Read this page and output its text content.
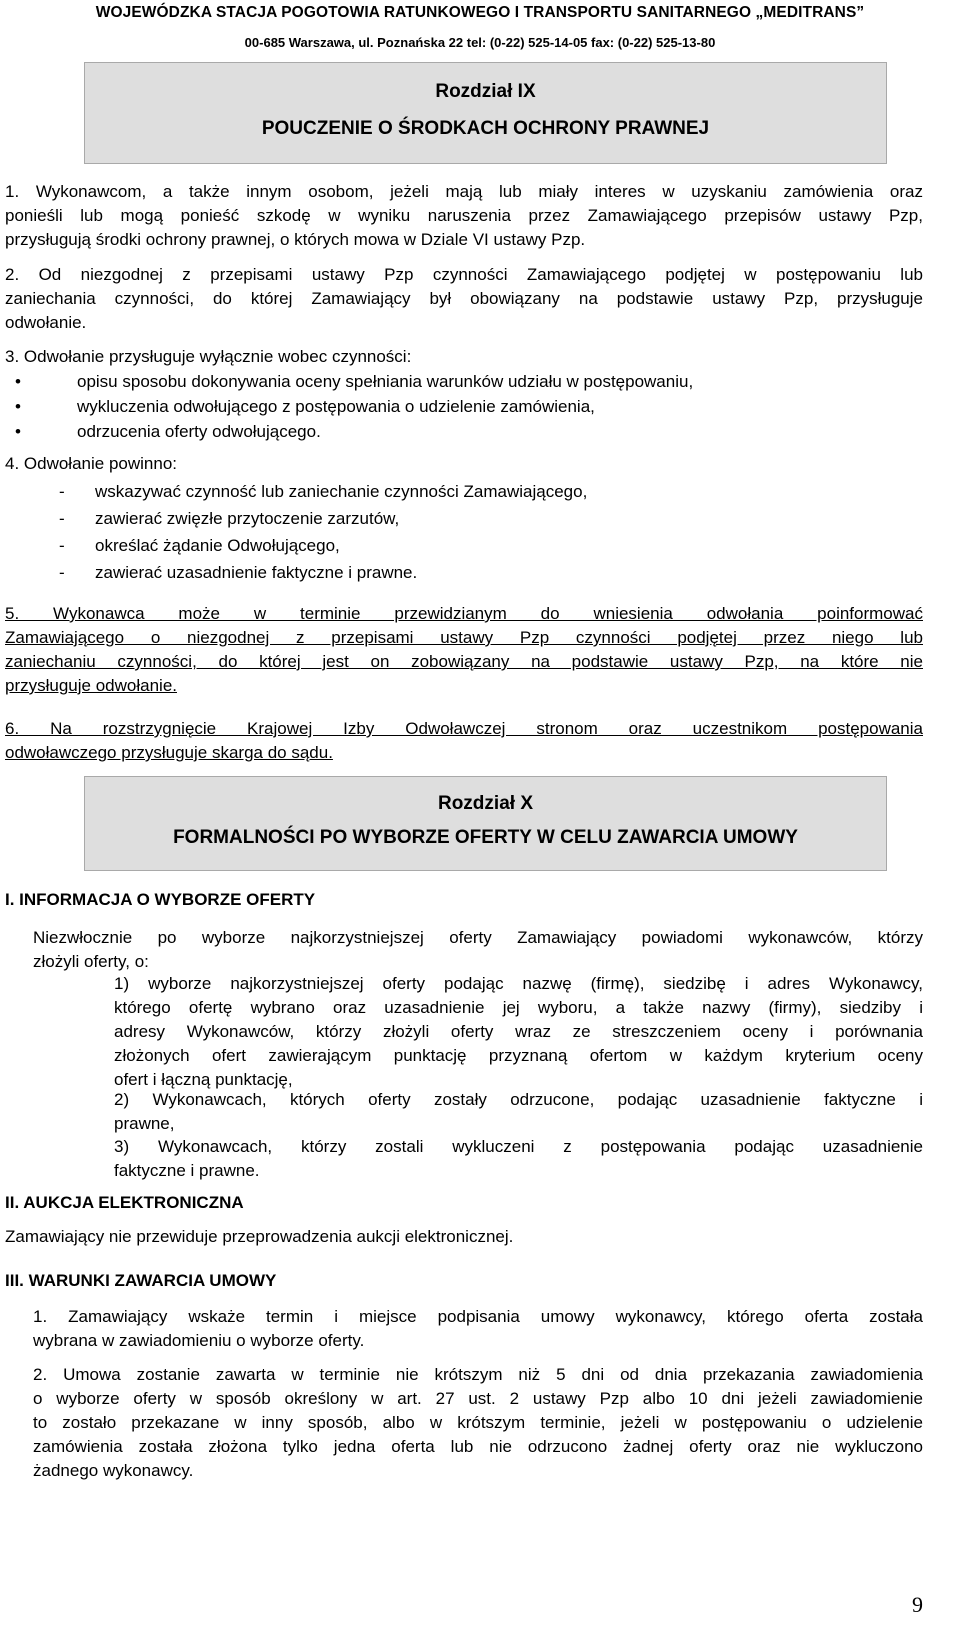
WOJEWÓDZKA STACJA POGOTOWIA RATUNKOWEGO I TRANSPORTU SANITARNEGO „MEDITRANS”
00-685 Warszawa, ul. Poznańska 22 tel: (0-22) 525-14-05 fax: (0-22) 525-13-80
Rozdział IX
POUCZENIE O ŚRODKACH OCHRONY PRAWNEJ
1. Wykonawcom, a także innym osobom, jeżeli mają lub miały interes w uzyskaniu zamówienia oraz
ponieśli lub mogą ponieść szkodę w wyniku naruszenia przez Zamawiającego przepisów ustawy Pzp,
przysługują środki ochrony prawnej, o których mowa w Dziale VI ustawy Pzp.
2. Od niezgodnej z przepisami ustawy Pzp czynności Zamawiającego podjętej w postępowaniu lub
zaniechania czynności, do której Zamawiający był obowiązany na podstawie ustawy Pzp, przysługuje
odwołanie.
3. Odwołanie przysługuje wyłącznie wobec czynności:
•	opisu sposobu dokonywania oceny spełniania warunków udziału w postępowaniu,
•	wykluczenia odwołującego z postępowania o udzielenie zamówienia,
•	odrzucenia oferty odwołującego.
4. Odwołanie powinno:
- wskazywać czynność lub zaniechanie czynności Zamawiającego,
- zawierać zwięzłe przytoczenie zarzutów,
- określać żądanie Odwołującego,
- zawierać uzasadnienie faktyczne i prawne.
5. Wykonawca może w terminie przewidzianym do wniesienia odwołania poinformować
Zamawiającego o niezgodnej z przepisami ustawy Pzp czynności podjętej przez niego lub
zaniechaniu czynności, do której jest on zobowiązany na podstawie ustawy Pzp, na które nie
przysługuje odwołanie.
6. Na rozstrzygnięcie Krajowej Izby Odwoławczej stronom oraz uczestnikom postępowania
odwoławczego przysługuje skarga do sądu.
Rozdział X
FORMALNOŚCI PO WYBORZE OFERTY W CELU ZAWARCIA UMOWY
I. INFORMACJA O WYBORZE OFERTY
Niezwłocznie po wyborze najkorzystniejszej oferty Zamawiający powiadomi wykonawców, którzy
złożyli oferty, o:
1) wyborze najkorzystniejszej oferty podając nazwę (firmę), siedzibę i adres Wykonawcy,
którego ofertę wybrano oraz uzasadnienie jej wyboru, a także nazwy (firmy), siedziby i
adresy Wykonawców, którzy złożyli oferty wraz ze streszczeniem oceny i porównania
złożonych ofert zawierającym punktację przyznaną ofertom w każdym kryterium oceny
ofert i łączną punktację,
2) Wykonawcach, których oferty zostały odrzucone, podając uzasadnienie faktyczne i
prawne,
3) Wykonawcach, którzy zostali wykluczeni z postępowania podając uzasadnienie
faktyczne i prawne.
II. AUKCJA ELEKTRONICZNA
Zamawiający nie przewiduje przeprowadzenia aukcji elektronicznej.
III. WARUNKI ZAWARCIA UMOWY
1. Zamawiający wskaże termin i miejsce podpisania umowy wykonawcy, którego oferta została
wybrana w zawiadomieniu o wyborze oferty.
2. Umowa zostanie zawarta w terminie nie krótszym niż 5 dni od dnia przekazania zawiadomienia
o wyborze oferty w sposób określony w art. 27 ust. 2 ustawy Pzp albo 10 dni jeżeli zawiadomienie
to zostało przekazane w inny sposób, albo w krótszym terminie, jeżeli w postępowaniu o udzielenie
zamówienia została złożona tylko jedna oferta lub nie odrzucono żadnej oferty oraz nie wykluczono
żadnego wykonawcy.
9
